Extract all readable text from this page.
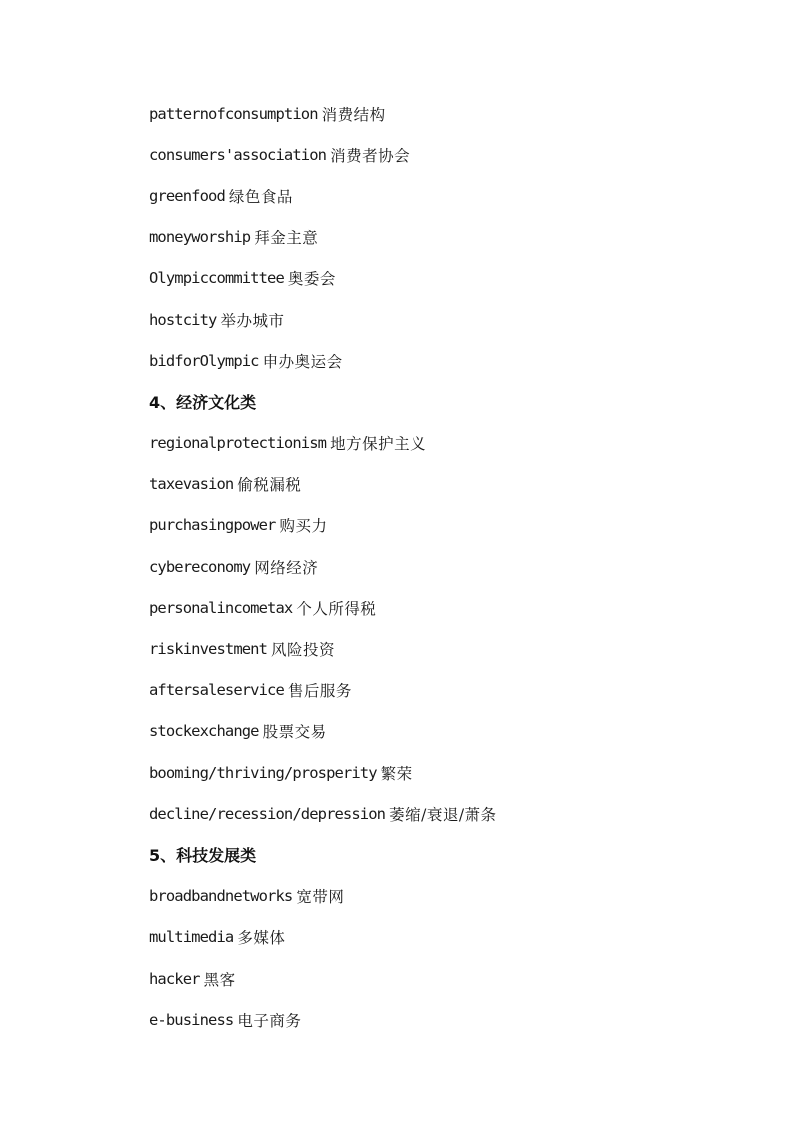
patternofconsumption 消费结构
consumers'association 消费者协会
greenfood 绿色食品
moneyworship 拜金主意
Olympiccommittee 奥委会
hostcity 举办城市
bidforOlympic 申办奥运会
4、经济文化类
regionalprotectionism 地方保护主义
taxevasion 偷税漏税
purchasingpower 购买力
cybereconomy 网络经济
personalincometax 个人所得税
riskinvestment 风险投资
aftersaleservice 售后服务
stockexchange 股票交易
booming/thriving/prosperity 繁荣
decline/recession/depression 萎缩/衰退/萧条
5、科技发展类
broadbandnetworks 宽带网
multimedia 多媒体
hacker 黑客
e-business 电子商务
